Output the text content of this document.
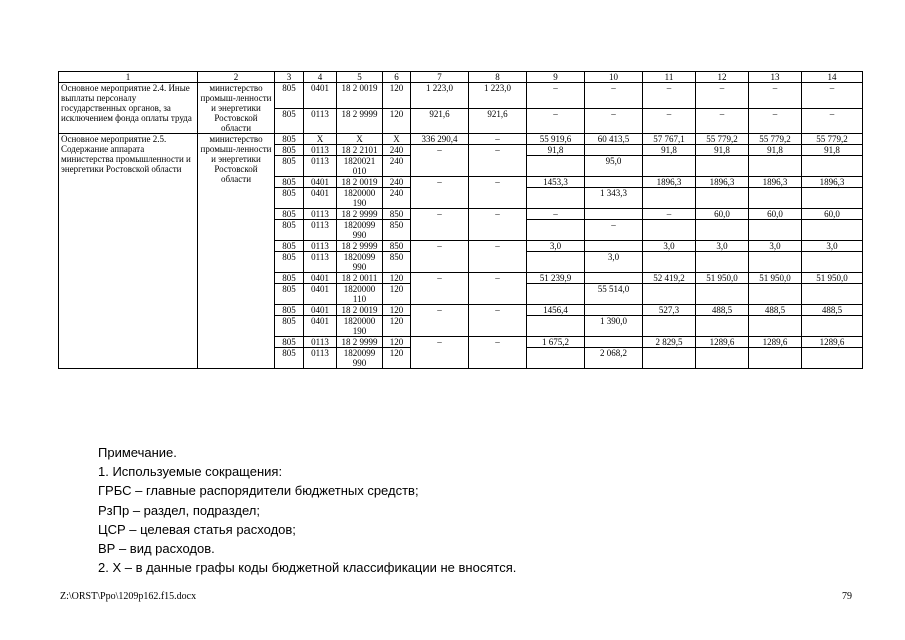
1	2	3	4	5	6	7	8	9	10	11	12	13	14
Основное мероприятие 2.4. Иные выплаты персоналу государственных органов, за исключением фонда оплаты труда	министерство промыш-ленности и энергетики Ростовской области	805	0401	18 2 0019	120	1 223,0	1 223,0	–	–	–	–	–	–
		805	0113	18 2 9999	120	921,6	921,6	–	–	–	–	–	–
Основное мероприятие 2.5. Содержание аппарата министерства промышленности и энергетики Ростовской области	министерство промыш-ленности и энергетики Ростовской области	805	Х	Х	Х	336 290,4	–	55 919,6	60 413,5	57 767,1	55 779,2	55 779,2	55 779,2
		805	0113	18 2 2101	240	–	–	91,8		91,8	91,8	91,8	91,8
		805	0113	1820021 010	240				95,0				
		805	0401	18 2 0019	240	–	–	1453,3		1896,3	1896,3	1896,3	1896,3
		805	0401	1820000 190	240				1 343,3				
		805	0113	18 2 9999	850	–	–	–		–	60,0	60,0	60,0
		805	0113	1820099 990	850				–				
		805	0113	18 2 9999	850	–	–	3,0		3,0	3,0	3,0	3,0
		805	0113	1820099 990	850				3,0				
		805	0401	18 2 0011	120	–	–	51 239,9		52 419,2	51 950,0	51 950,0	51 950,0
		805	0401	1820000 110	120				55 514,0				
		805	0401	18 2 0019	120	–	–	1456,4		527,3	488,5	488,5	488,5
		805	0401	1820000 190	120				1 390,0				
		805	0113	18 2 9999	120	–	–	1 675,2		2 829,5	1289,6	1289,6	1289,6
		805	0113	1820099 990	120				2 068,2				
Примечание.
1. Используемые сокращения:
ГРБС – главные распорядители бюджетных средств;
РзПр – раздел, подраздел;
ЦСР – целевая статья расходов;
ВР – вид расходов.
2. Х – в данные графы коды бюджетной классификации не вносятся.
Z:\ORST\Ppo\1209p162.f15.docx	79
